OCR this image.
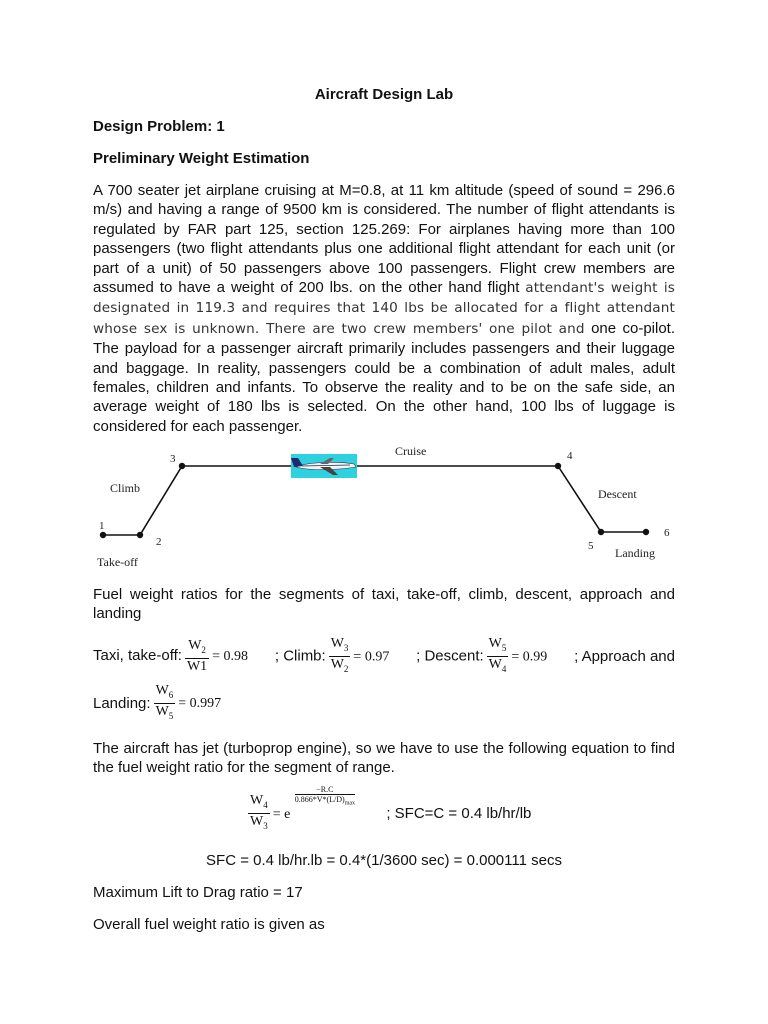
Aircraft Design Lab
Design Problem: 1
Preliminary Weight Estimation
A 700 seater jet airplane cruising at M=0.8, at 11 km altitude (speed of sound = 296.6 m/s) and having a range of 9500 km is considered. The number of flight attendants is regulated by FAR part 125, section 125.269: For airplanes having more than 100 passengers (two flight attendants plus one additional flight attendant for each unit (or part of a unit) of 50 passengers above 100 passengers. Flight crew members are assumed to have a weight of 200 lbs. on the other hand flight attendant's weight is designated in 119.3 and requires that 140 lbs be allocated for a flight attendant whose sex is unknown. There are two crew members' one pilot and one co-pilot. The payload for a passenger aircraft primarily includes passengers and their luggage and baggage. In reality, passengers could be a combination of adult males, adult females, children and infants. To observe the reality and to be on the safe side, an average weight of 180 lbs is selected. On the other hand, 100 lbs of luggage is considered for each passenger.
Climb
Cruise
Descent
Take-off
Landing
1
2
3	4
5
6
Fuel weight ratios for the segments of taxi, take-off, climb, descent, approach and landing
Taxi, take-off: $\frac{W_2}{W1} = 0.98$ ; Climb: $\frac{W_3}{W_2} = 0.97$ ; Descent: $\frac{W_5}{W_4} = 0.99$ ; Approach and
Landing: $\frac{W_6}{W_5} = 0.997$
The aircraft has jet (turboprop engine), so we have to use the following equation to find the fuel weight ratio for the segment of range.
$\frac{W_4}{W_3} = e$
−R.C
$0.866*V*(L/D)_{max}$
; SFC=C = 0.4 lb/hr/lb
SFC = 0.4 lb/hr.lb = 0.4*(1/3600 sec) = 0.000111 secs
Maximum Lift to Drag ratio = 17
Overall fuel weight ratio is given as
